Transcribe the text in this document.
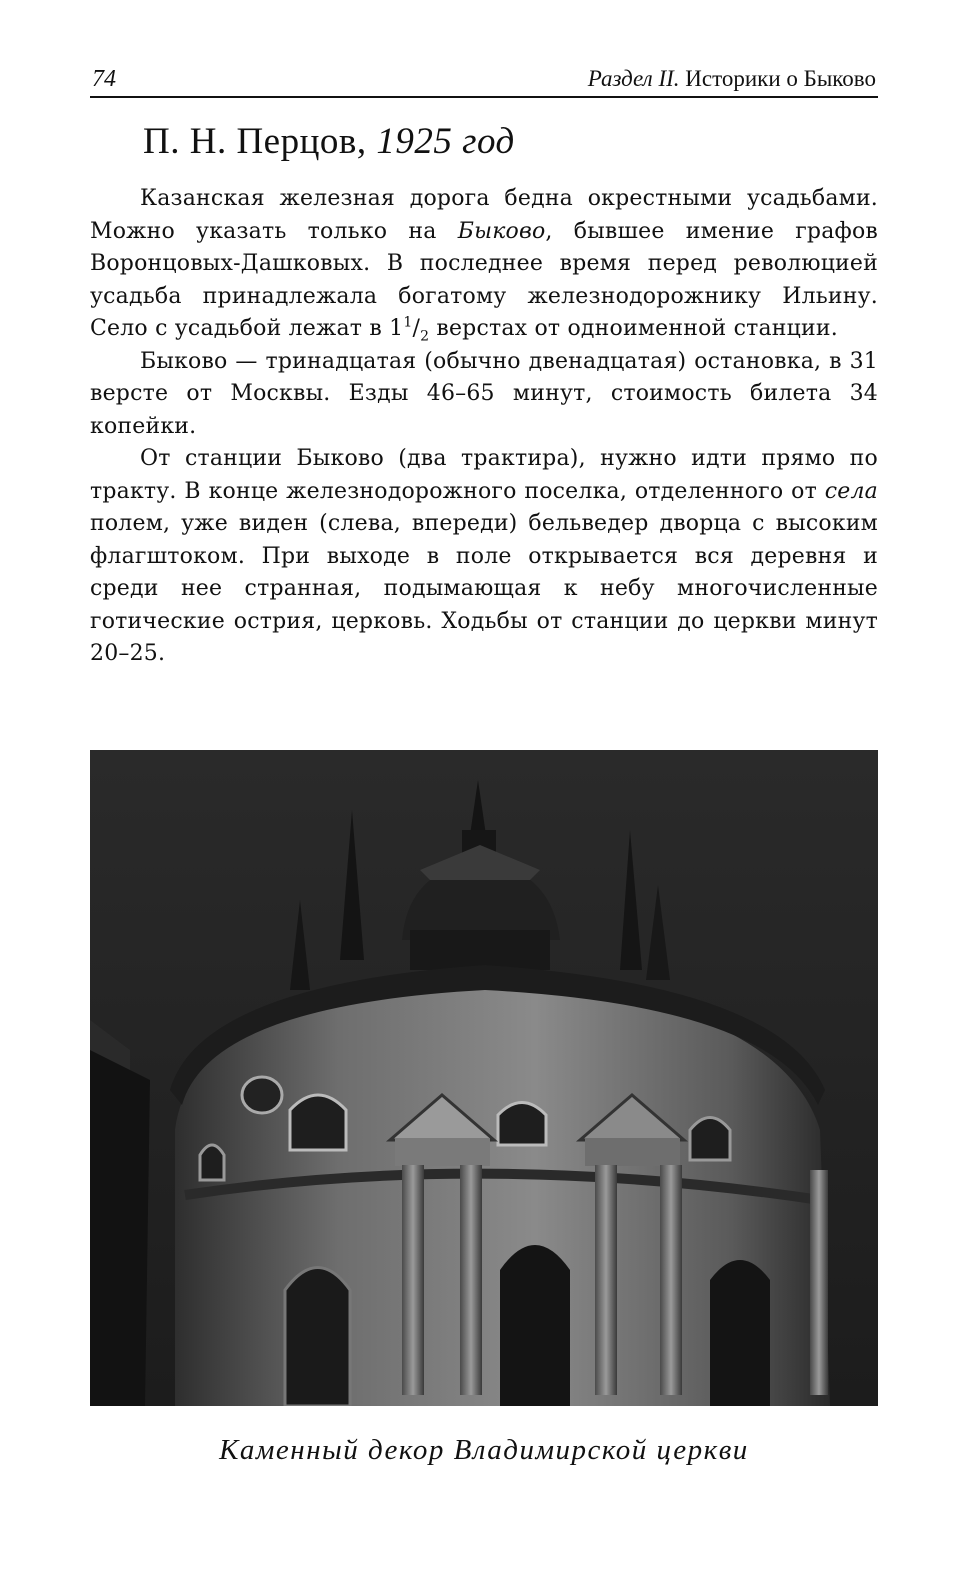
74	Раздел II. Историки о Быково
П. Н. Перцов, 1925 год

Казанская железная дорога бедна окрестными усадьбами. Можно указать только на Быково, бывшее имение графов Воронцовых-Дашковых. В последнее время перед революцией усадьба принадлежала богатому железнодорожнику Ильину. Село с усадьбой лежат в $1^1/_2$ верстах от одноименной станции.

Быково — тринадцатая (обычно двенадцатая) остановка, в 31 версте от Москвы. Езды 46–65 минут, стоимость билета 34 копейки.

От станции Быково (два трактира), нужно идти прямо по тракту. В конце железнодорожного поселка, отделенного от села полем, уже виден (слева, впереди) бельведер дворца с высоким флагштоком. При выходе в поле открывается вся деревня и среди нее странная, подымающая к небу многочисленные готические острия, церковь. Ходьбы от станции до церкви минут 20–25.

Каменный декор Владимирской церкви
